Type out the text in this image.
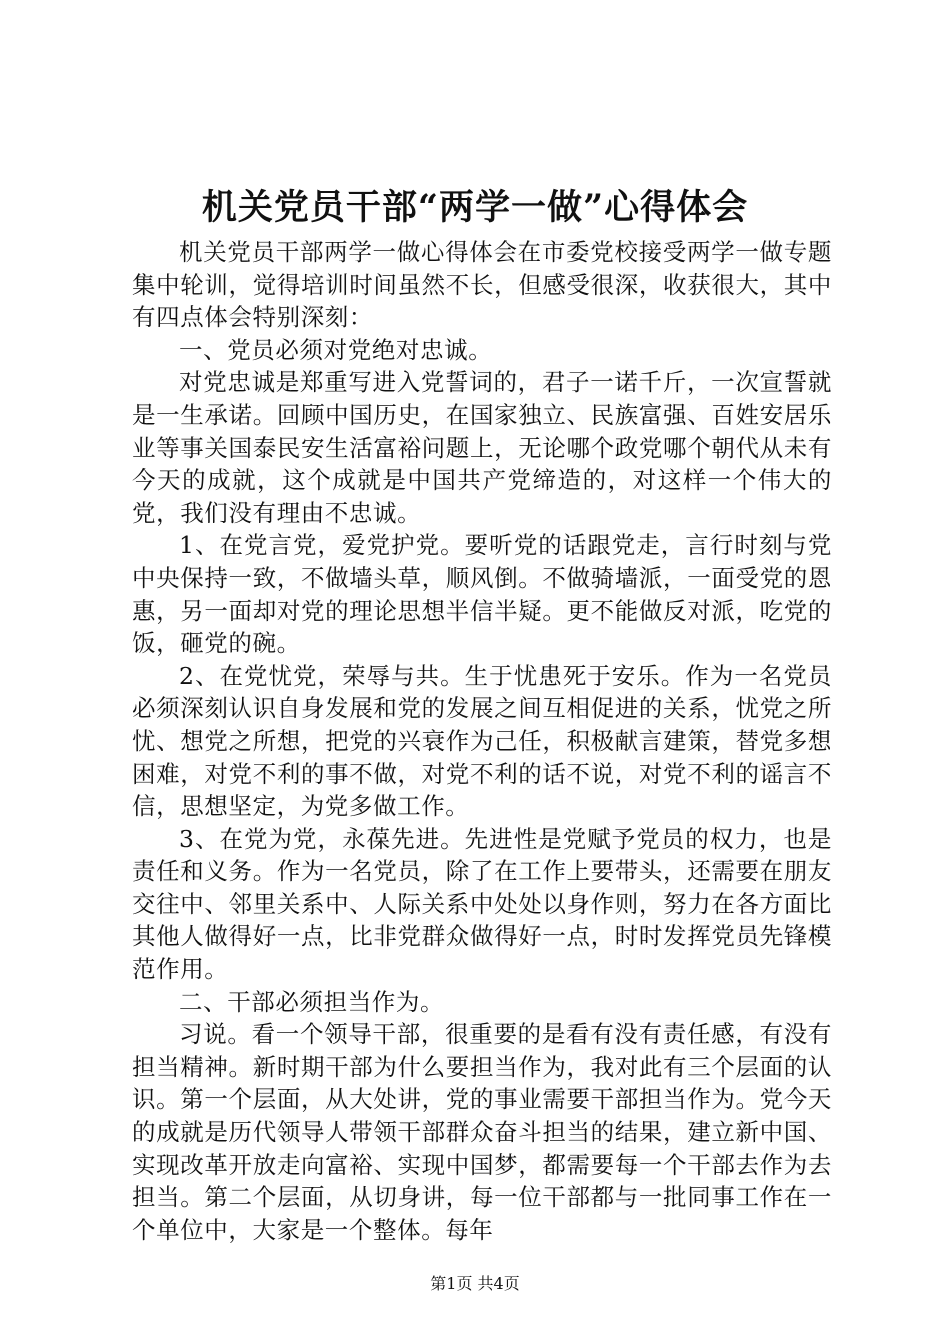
机关党员干部“两学一做”心得体会

机关党员干部两学一做心得体会在市委党校接受两学一做专题集中轮训，觉得培训时间虽然不长，但感受很深，收获很大，其中有四点体会特别深刻：

一、党员必须对党绝对忠诚。

对党忠诚是郑重写进入党誓词的，君子一诺千斤，一次宣誓就是一生承诺。回顾中国历史，在国家独立、民族富强、百姓安居乐业等事关国泰民安生活富裕问题上，无论哪个政党哪个朝代从未有今天的成就，这个成就是中国共产党缔造的，对这样一个伟大的党，我们没有理由不忠诚。

1、在党言党，爱党护党。要听党的话跟党走，言行时刻与党中央保持一致，不做墙头草，顺风倒。不做骑墙派，一面受党的恩惠，另一面却对党的理论思想半信半疑。更不能做反对派，吃党的饭，砸党的碗。

2、在党忧党，荣辱与共。生于忧患死于安乐。作为一名党员必须深刻认识自身发展和党的发展之间互相促进的关系，忧党之所忧、想党之所想，把党的兴衰作为己任，积极献言建策，替党多想困难，对党不利的事不做，对党不利的话不说，对党不利的谣言不信，思想坚定，为党多做工作。

3、在党为党，永葆先进。先进性是党赋予党员的权力，也是责任和义务。作为一名党员，除了在工作上要带头，还需要在朋友交往中、邻里关系中、人际关系中处处以身作则，努力在各方面比其他人做得好一点，比非党群众做得好一点，时时发挥党员先锋模范作用。

二、干部必须担当作为。

习说。看一个领导干部，很重要的是看有没有责任感，有没有担当精神。新时期干部为什么要担当作为，我对此有三个层面的认识。第一个层面，从大处讲，党的事业需要干部担当作为。党今天的成就是历代领导人带领干部群众奋斗担当的结果，建立新中国、实现改革开放走向富裕、实现中国梦，都需要每一个干部去作为去担当。第二个层面，从切身讲，每一位干部都与一批同事工作在一个单位中，大家是一个整体。每年

第1页 共4页
